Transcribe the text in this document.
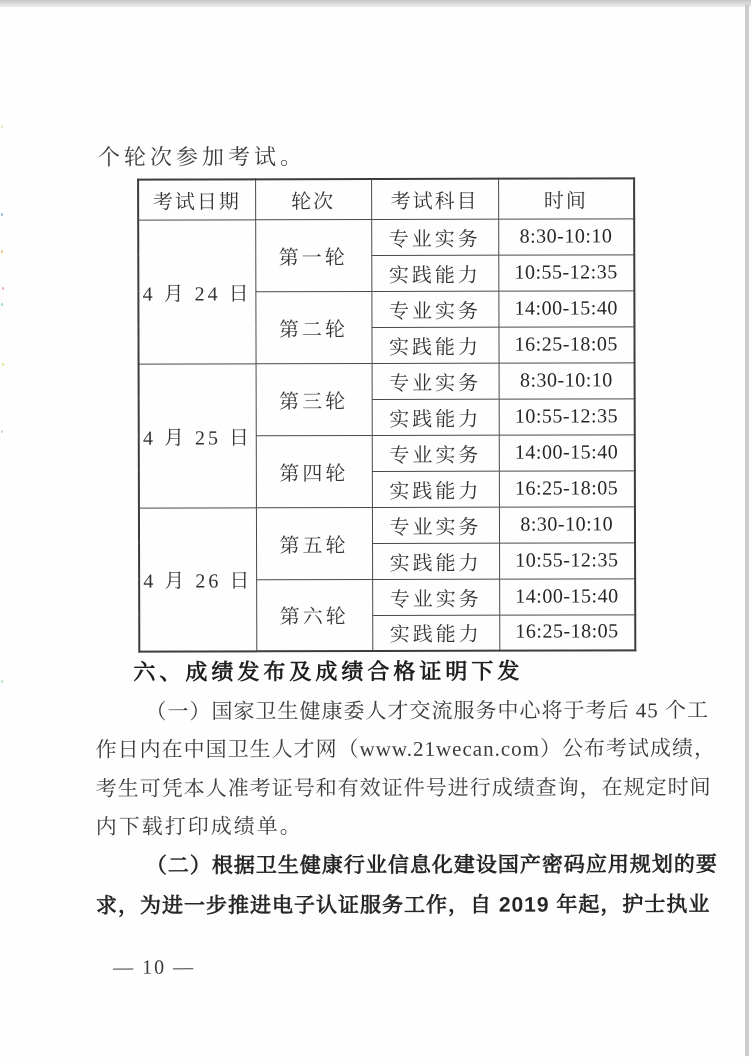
个轮次参加考试。
考试日期	轮次	考试科目	时间
4 月 24 日	第一轮	专业实务	8:30-10:10
		实践能力	10:55-12:35
	第二轮	专业实务	14:00-15:40
		实践能力	16:25-18:05
4 月 25 日	第三轮	专业实务	8:30-10:10
		实践能力	10:55-12:35
	第四轮	专业实务	14:00-15:40
		实践能力	16:25-18:05
4 月 26 日	第五轮	专业实务	8:30-10:10
		实践能力	10:55-12:35
	第六轮	专业实务	14:00-15:40
		实践能力	16:25-18:05
六、成绩发布及成绩合格证明下发
（一）国家卫生健康委人才交流服务中心将于考后 45 个工
作日内在中国卫生人才网（www.21wecan.com）公布考试成绩，
考生可凭本人准考证号和有效证件号进行成绩查询，在规定时间
内下载打印成绩单。
（二）根据卫生健康行业信息化建设国产密码应用规划的要
求，为进一步推进电子认证服务工作，自 2019 年起，护士执业
— 10 —
